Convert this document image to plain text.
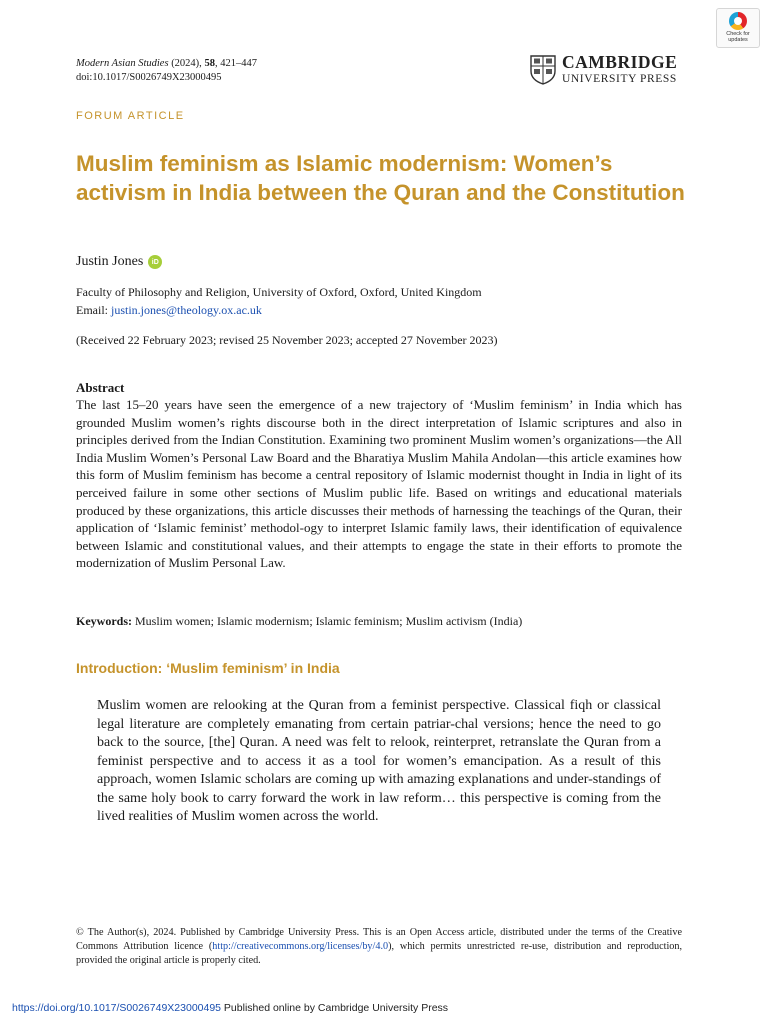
Modern Asian Studies (2024), 58, 421–447
doi:10.1017/S0026749X23000495
CAMBRIDGE
UNIVERSITY PRESS
Check for
updates
FORUM ARTICLE
Muslim feminism as Islamic modernism: Women’s activism in India between the Quran and the Constitution
Justin Jones	iD
Faculty of Philosophy and Religion, University of Oxford, Oxford, United Kingdom
Email: justin.jones@theology.ox.ac.uk
(Received 22 February 2023; revised 25 November 2023; accepted 27 November 2023)
Abstract

The last 15–20 years have seen the emergence of a new trajectory of ‘Muslim feminism’ in India which has grounded Muslim women’s rights discourse both in the direct interpretation of Islamic scriptures and also in principles derived from the Indian Constitution. Examining two prominent Muslim women’s organizations—the All India Muslim Women’s Personal Law Board and the Bharatiya Muslim Mahila Andolan—this article examines how this form of Muslim feminism has become a central repository of Islamic modernist thought in India in light of its perceived failure in some other sections of Muslim public life. Based on writings and educational materials produced by these organizations, this article discusses their methods of harnessing the teachings of the Quran, their application of ‘Islamic feminist’ methodol-ogy to interpret Islamic family laws, their identification of equivalence between Islamic and constitutional values, and their attempts to engage the state in their efforts to promote the modernization of Muslim Personal Law.

Keywords: Muslim women; Islamic modernism; Islamic feminism; Muslim activism (India)
Introduction: ‘Muslim feminism’ in India

Muslim women are relooking at the Quran from a feminist perspective. Classical fiqh or classical legal literature are completely emanating from certain patriar-chal versions; hence the need to go back to the source, [the] Quran. A need was felt to relook, reinterpret, retranslate the Quran from a feminist perspective and to access it as a tool for women’s emancipation. As a result of this approach, women Islamic scholars are coming up with amazing explanations and under-standings of the same holy book to carry forward the work in law reform… this perspective is coming from the lived realities of Muslim women across the world.

© The Author(s), 2024. Published by Cambridge University Press. This is an Open Access article, distributed under the terms of the Creative Commons Attribution licence (http://creativecommons.org/licenses/by/4.0), which permits unrestricted re-use, distribution and reproduction, provided the original article is properly cited.

https://doi.org/10.1017/S0026749X23000495 Published online by Cambridge University Press
